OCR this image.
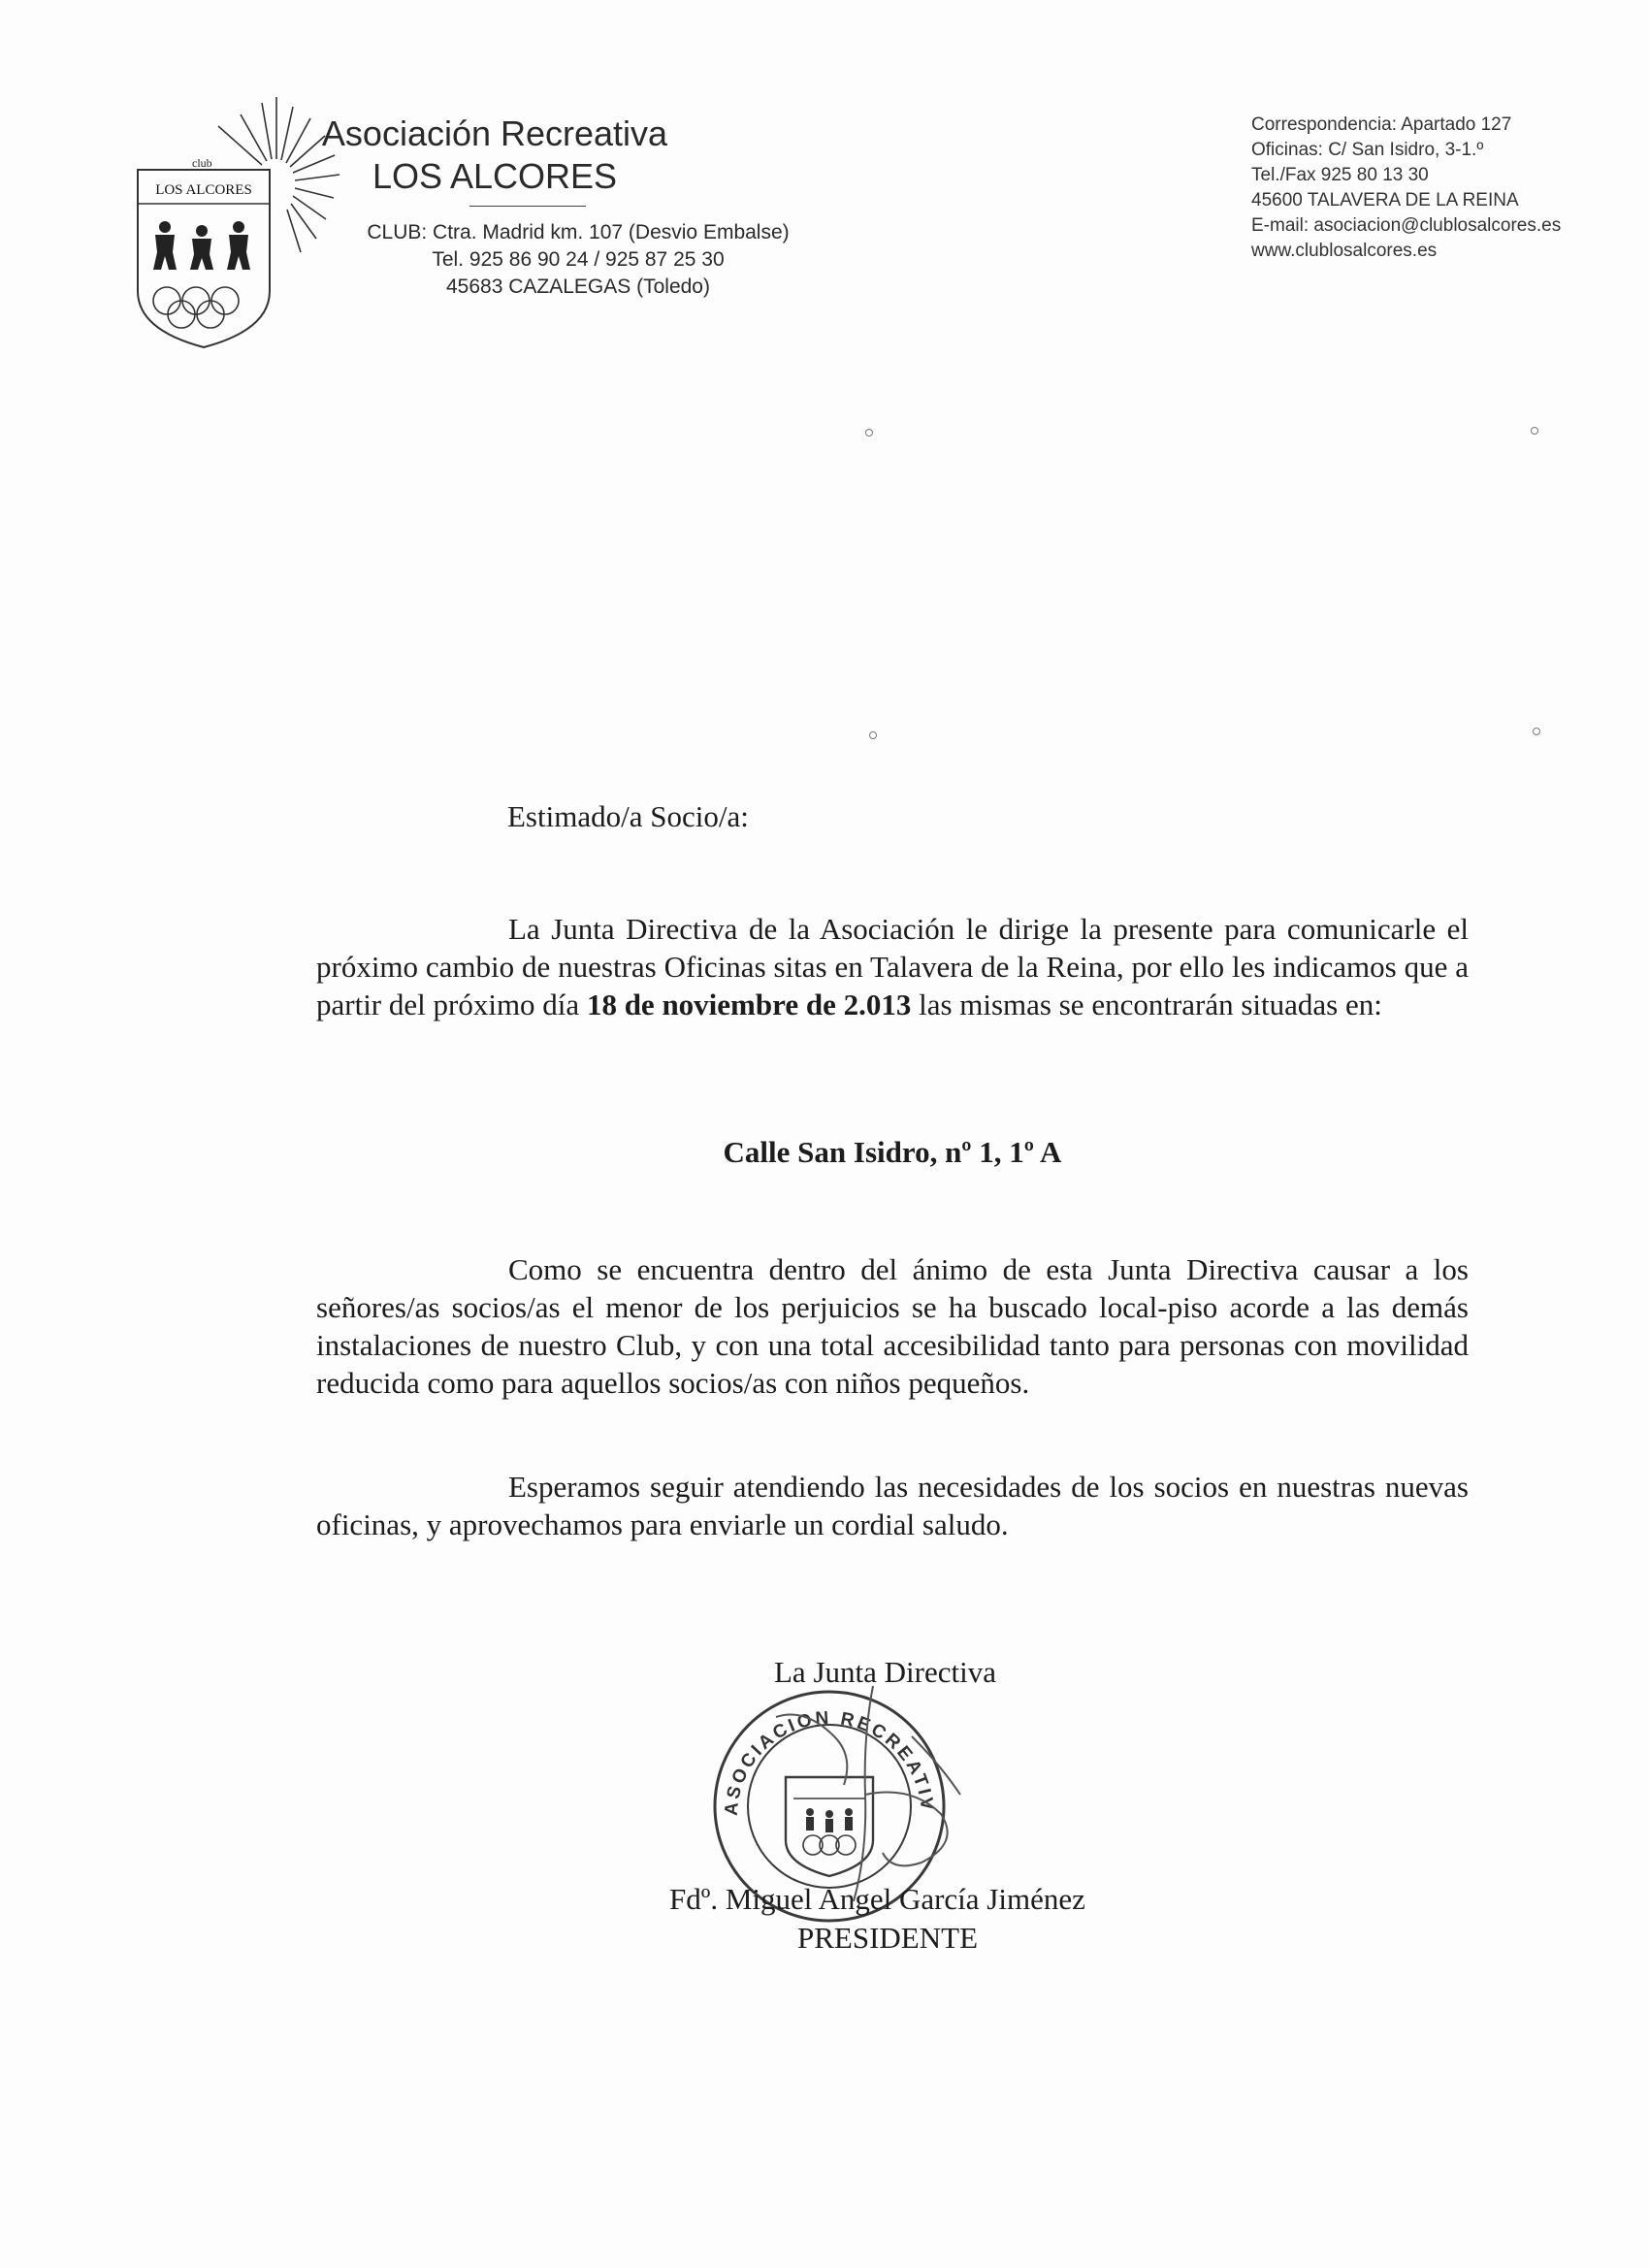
club
LOS ALCORES
Asociación Recreativa
LOS ALCORES
CLUB: Ctra. Madrid km. 107 (Desvio Embalse)
Tel. 925 86 90 24 / 925 87 25 30
45683 CAZALEGAS (Toledo)
Correspondencia: Apartado 127
Oficinas: C/ San Isidro, 3-1.º
Tel./Fax 925 80 13 30
45600 TALAVERA DE LA REINA
E-mail: asociacion@clublosalcores.es
www.clublosalcores.es
Estimado/a Socio/a:
La Junta Directiva de la Asociación le dirige la presente para comunicarle el próximo cambio de nuestras Oficinas sitas en Talavera de la Reina, por ello les indicamos que a partir del próximo día 18 de noviembre de 2.013 las mismas se encontrarán situadas en:
Calle San Isidro, nº 1, 1º A
Como se encuentra dentro del ánimo de esta Junta Directiva causar a los señores/as socios/as el menor de los perjuicios se ha buscado local-piso acorde a las demás instalaciones de nuestro Club, y con una total accesibilidad tanto para personas con movilidad reducida como para aquellos socios/as con niños pequeños.
Esperamos seguir atendiendo las necesidades de los socios en nuestras nuevas oficinas, y aprovechamos para enviarle un cordial saludo.
La Junta Directiva
ASOCIACION RECREATIV
Fdº. Miguel Angel García Jiménez
PRESIDENTE
